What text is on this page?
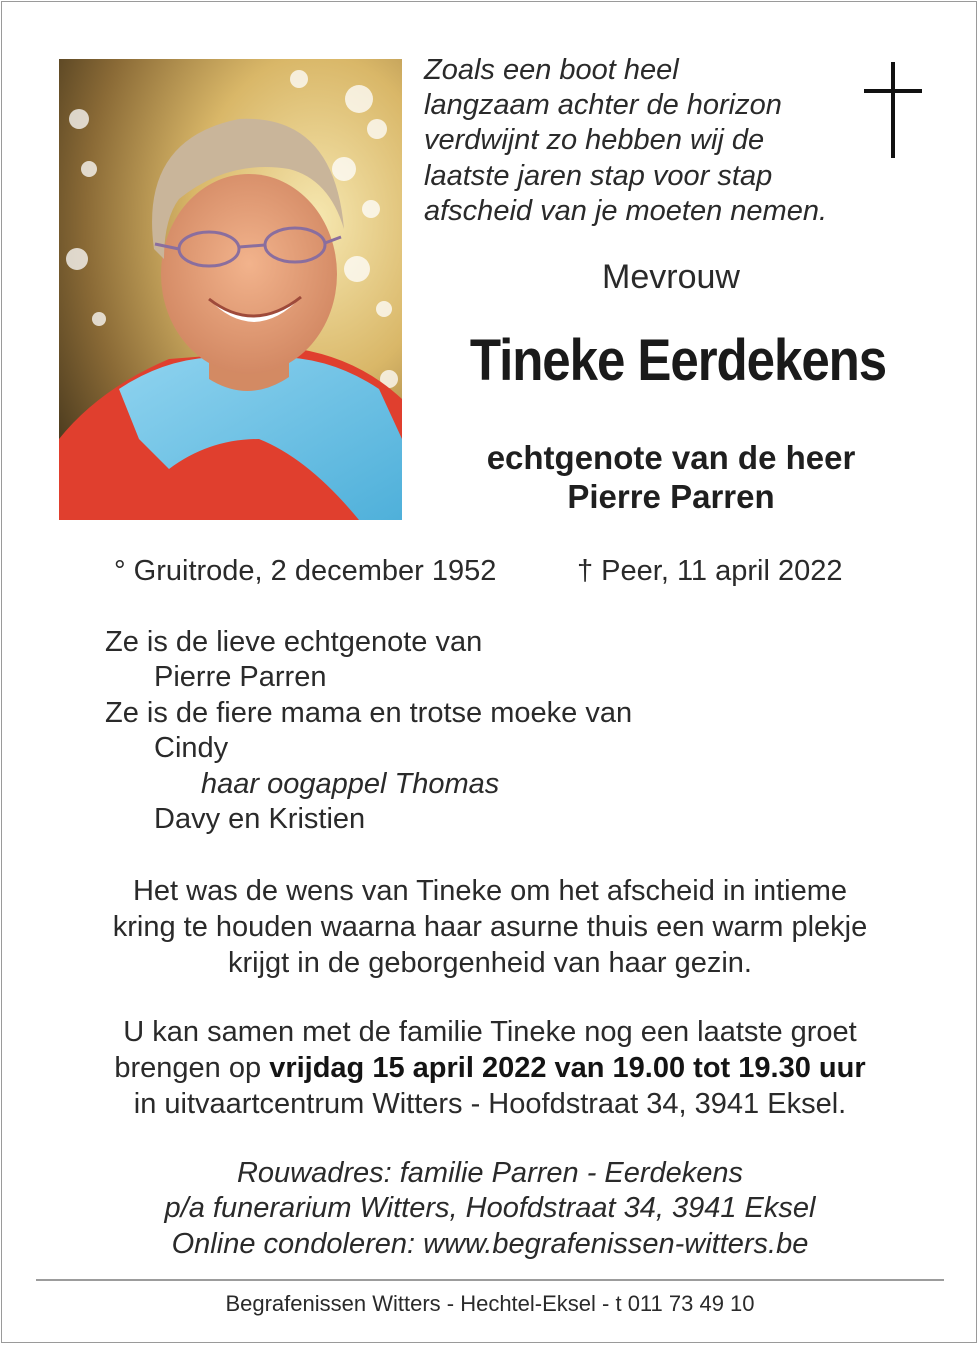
Zoals een boot heel
langzaam achter de horizon
verdwijnt zo hebben wij de
laatste jaren stap voor stap
afscheid van je moeten nemen.
Mevrouw
Tineke Eerdekens
echtgenote van de heer
Pierre Parren
° Gruitrode, 2 december 1952	† Peer, 11 april 2022
Ze is de lieve echtgenote van
Pierre Parren
Ze is de fiere mama en trotse moeke van
Cindy
haar oogappel Thomas
Davy en Kristien
Het was de wens van Tineke om het afscheid in intieme
kring te houden waarna haar asurne thuis een warm plekje
krijgt in de geborgenheid van haar gezin.
U kan samen met de familie Tineke nog een laatste groet
brengen op vrijdag 15 april 2022 van 19.00 tot 19.30 uur
in uitvaartcentrum Witters - Hoofdstraat 34, 3941 Eksel.
Rouwadres: familie Parren - Eerdekens
p/a funerarium Witters, Hoofdstraat 34, 3941 Eksel
Online condoleren: www.begrafenissen-witters.be
Begrafenissen Witters - Hechtel-Eksel - t 011 73 49 10
